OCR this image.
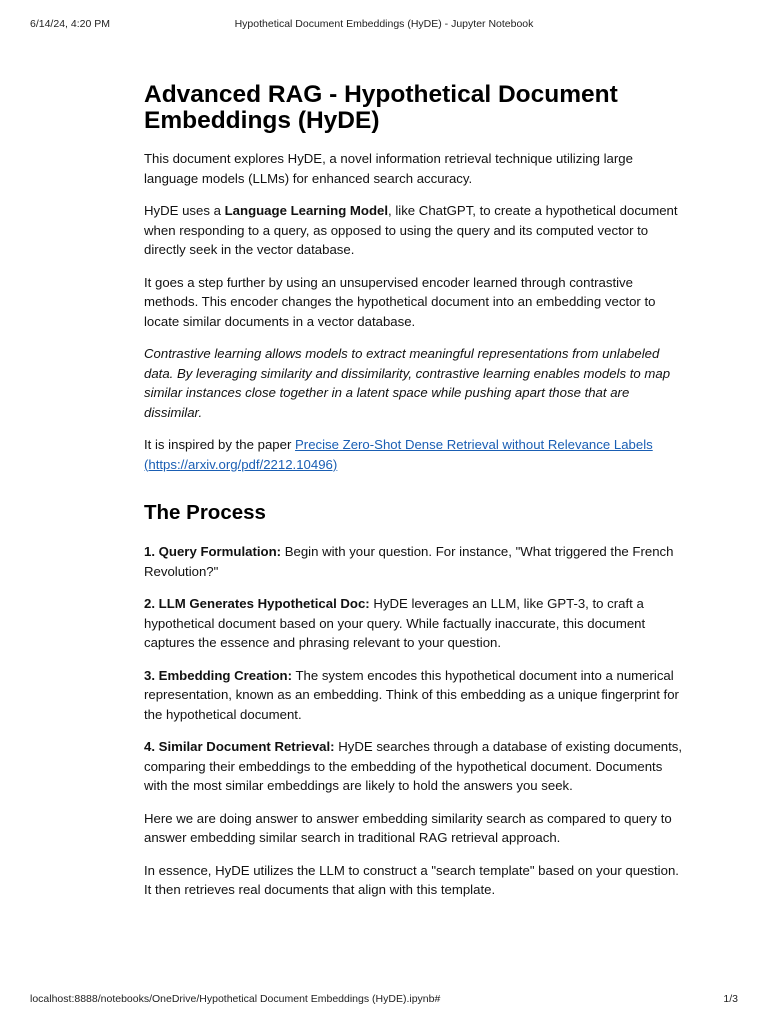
6/14/24, 4:20 PM	Hypothetical Document Embeddings (HyDE) - Jupyter Notebook
Advanced RAG - Hypothetical Document Embeddings (HyDE)

This document explores HyDE, a novel information retrieval technique utilizing large language models (LLMs) for enhanced search accuracy.

HyDE uses a Language Learning Model, like ChatGPT, to create a hypothetical document when responding to a query, as opposed to using the query and its computed vector to directly seek in the vector database.

It goes a step further by using an unsupervised encoder learned through contrastive methods. This encoder changes the hypothetical document into an embedding vector to locate similar documents in a vector database.

Contrastive learning allows models to extract meaningful representations from unlabeled data. By leveraging similarity and dissimilarity, contrastive learning enables models to map similar instances close together in a latent space while pushing apart those that are dissimilar.

It is inspired by the paper Precise Zero-Shot Dense Retrieval without Relevance Labels (https://arxiv.org/pdf/2212.10496)

The Process

1. Query Formulation: Begin with your question. For instance, "What triggered the French Revolution?"

2. LLM Generates Hypothetical Doc: HyDE leverages an LLM, like GPT-3, to craft a hypothetical document based on your query. While factually inaccurate, this document captures the essence and phrasing relevant to your question.

3. Embedding Creation: The system encodes this hypothetical document into a numerical representation, known as an embedding. Think of this embedding as a unique fingerprint for the hypothetical document.

4. Similar Document Retrieval: HyDE searches through a database of existing documents, comparing their embeddings to the embedding of the hypothetical document. Documents with the most similar embeddings are likely to hold the answers you seek.

Here we are doing answer to answer embedding similarity search as compared to query to answer embedding similar search in traditional RAG retrieval approach.

In essence, HyDE utilizes the LLM to construct a "search template" based on your question. It then retrieves real documents that align with this template.

localhost:8888/notebooks/OneDrive/Hypothetical Document Embeddings (HyDE).ipynb#	1/3
